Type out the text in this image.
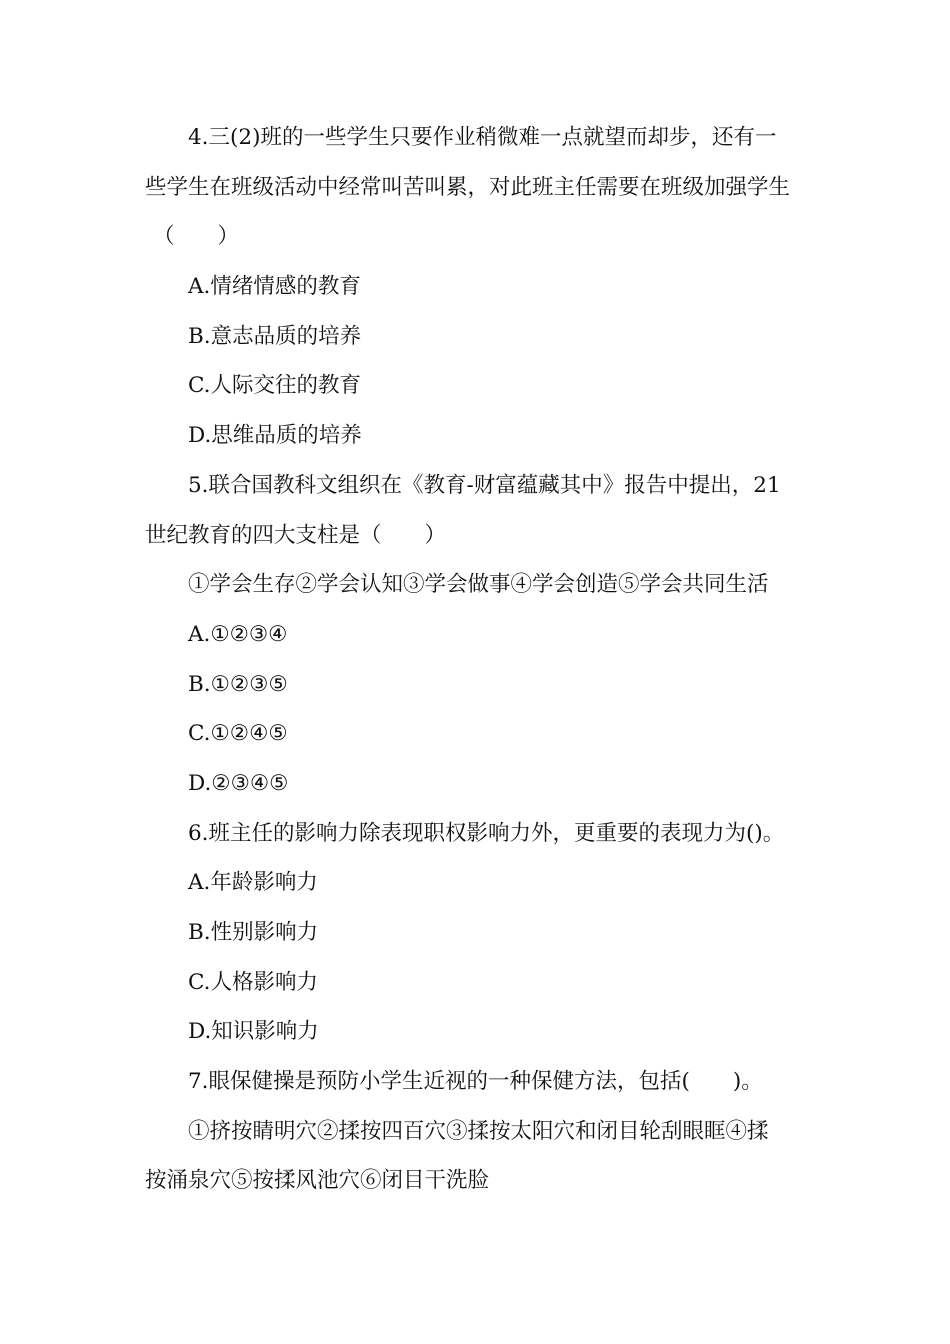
4.三(2)班的一些学生只要作业稍微难一点就望而却步，还有一
些学生在班级活动中经常叫苦叫累，对此班主任需要在班级加强学生
（　　）
A.情绪情感的教育
B.意志品质的培养
C.人际交往的教育
D.思维品质的培养
5.联合国教科文组织在《教育-财富蕴藏其中》报告中提出，21
世纪教育的四大支柱是（　　）
①学会生存②学会认知③学会做事④学会创造⑤学会共同生活
A.①②③④
B.①②③⑤
C.①②④⑤
D.②③④⑤
6.班主任的影响力除表现职权影响力外，更重要的表现力为()。
A.年龄影响力
B.性别影响力
C.人格影响力
D.知识影响力
7.眼保健操是预防小学生近视的一种保健方法，包括(　　)。
①挤按睛明穴②揉按四百穴③揉按太阳穴和闭目轮刮眼眶④揉
按涌泉穴⑤按揉风池穴⑥闭目干洗脸
